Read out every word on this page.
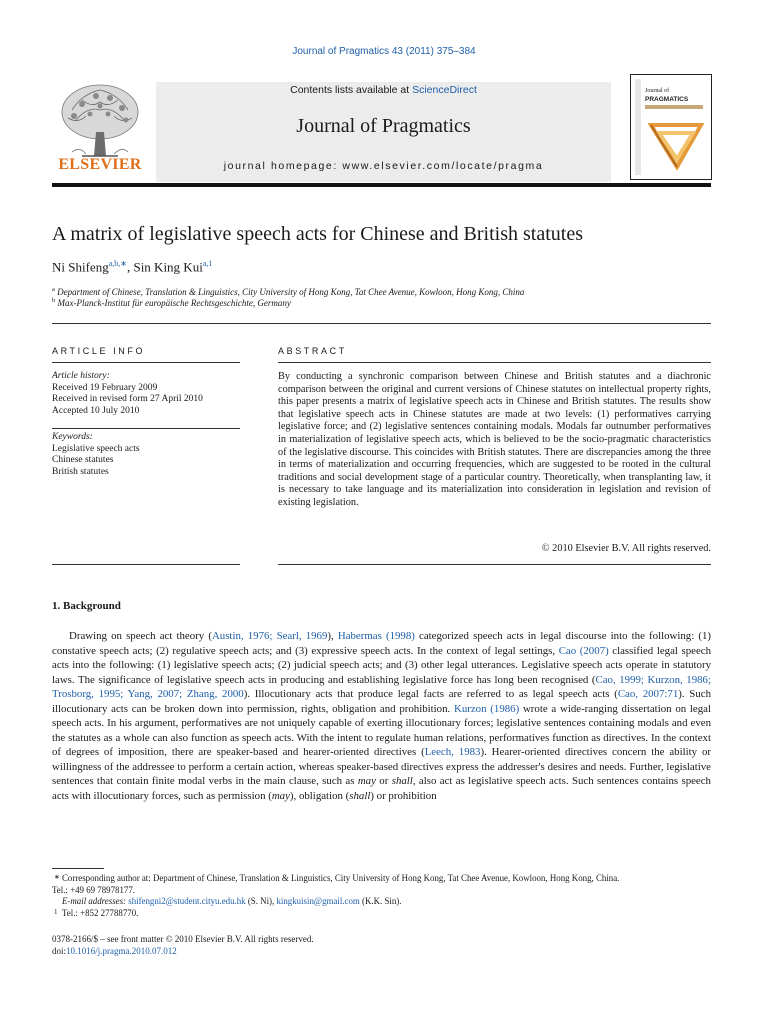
Journal of Pragmatics 43 (2011) 375–384
ELSEVIER
Contents lists available at ScienceDirect
Journal of Pragmatics
journal homepage: www.elsevier.com/locate/pragma
Journal of
PRAGMATICS
A matrix of legislative speech acts for Chinese and British statutes
Ni Shifeng$^{a,b,∗}$, Sin King Kui$^{a,1}$
$^a$ Department of Chinese, Translation & Linguistics, City University of Hong Kong, Tat Chee Avenue, Kowloon, Hong Kong, China
$^b$ Max-Planck-Institut für europäische Rechtsgeschichte, Germany
ARTICLE INFO	ABSTRACT
Article history:
Received 19 February 2009
Received in revised form 27 April 2010
Accepted 10 July 2010
Keywords:
Legislative speech acts
Chinese statutes
British statutes
By conducting a synchronic comparison between Chinese and British statutes and a diachronic comparison between the original and current versions of Chinese statutes on intellectual property rights, this paper presents a matrix of legislative speech acts in Chinese and British statutes. The results show that legislative speech acts in Chinese statutes are made at two levels: (1) performatives carrying legislative force; and (2) legislative sentences containing modals. Modals far outnumber performatives in materialization of legislative speech acts, which is believed to be the socio-pragmatic characteristics of the legislative discourse. This coincides with British statutes. There are discrepancies among the three in terms of materialization and occurring frequencies, which are suggested to be rooted in the cultural traditions and social development stage of a particular country. Theoretically, when transplanting law, it is necessary to take language and its materialization into consideration in legislation and revision of existing legislation.
© 2010 Elsevier B.V. All rights reserved.
1. Background
Drawing on speech act theory (Austin, 1976; Searl, 1969), Habermas (1998) categorized speech acts in legal discourse into the following: (1) constative speech acts; (2) regulative speech acts; and (3) expressive speech acts. In the context of legal settings, Cao (2007) classified legal speech acts into the following: (1) legislative speech acts; (2) judicial speech acts; and (3) other legal utterances. Legislative speech acts operate in statutory laws. The significance of legislative speech acts in producing and establishing legislative force has long been recognised (Cao, 1999; Kurzon, 1986; Trosborg, 1995; Yang, 2007; Zhang, 2000). Illocutionary acts that produce legal facts are referred to as legal speech acts (Cao, 2007:71). Such illocutionary acts can be broken down into permission, rights, obligation and prohibition. Kurzon (1986) wrote a wide-ranging dissertation on legal speech acts. In his argument, performatives are not uniquely capable of exerting illocutionary forces; legislative sentences containing modals and even the statutes as a whole can also function as speech acts. With the intent to regulate human relations, performatives function as directives. In the context of degrees of imposition, there are speaker-based and hearer-oriented directives (Leech, 1983). Hearer-oriented directives concern the ability or willingness of the addressee to perform a certain action, whereas speaker-based directives express the addresser's desires and needs. Further, legislative sentences that contain finite modal verbs in the main clause, such as may or shall, also act as legislative speech acts. Such sentences contains speech acts with illocutionary forces, such as permission (may), obligation (shall) or prohibition
∗ Corresponding author at: Department of Chinese, Translation & Linguistics, City University of Hong Kong, Tat Chee Avenue, Kowloon, Hong Kong, China.
Tel.: +49 69 78978177.
E-mail addresses: shifengni2@student.cityu.edu.hk (S. Ni), kingkuisin@gmail.com (K.K. Sin).
1 Tel.: +852 27788770.
0378-2166/$ – see front matter © 2010 Elsevier B.V. All rights reserved.
doi:10.1016/j.pragma.2010.07.012
